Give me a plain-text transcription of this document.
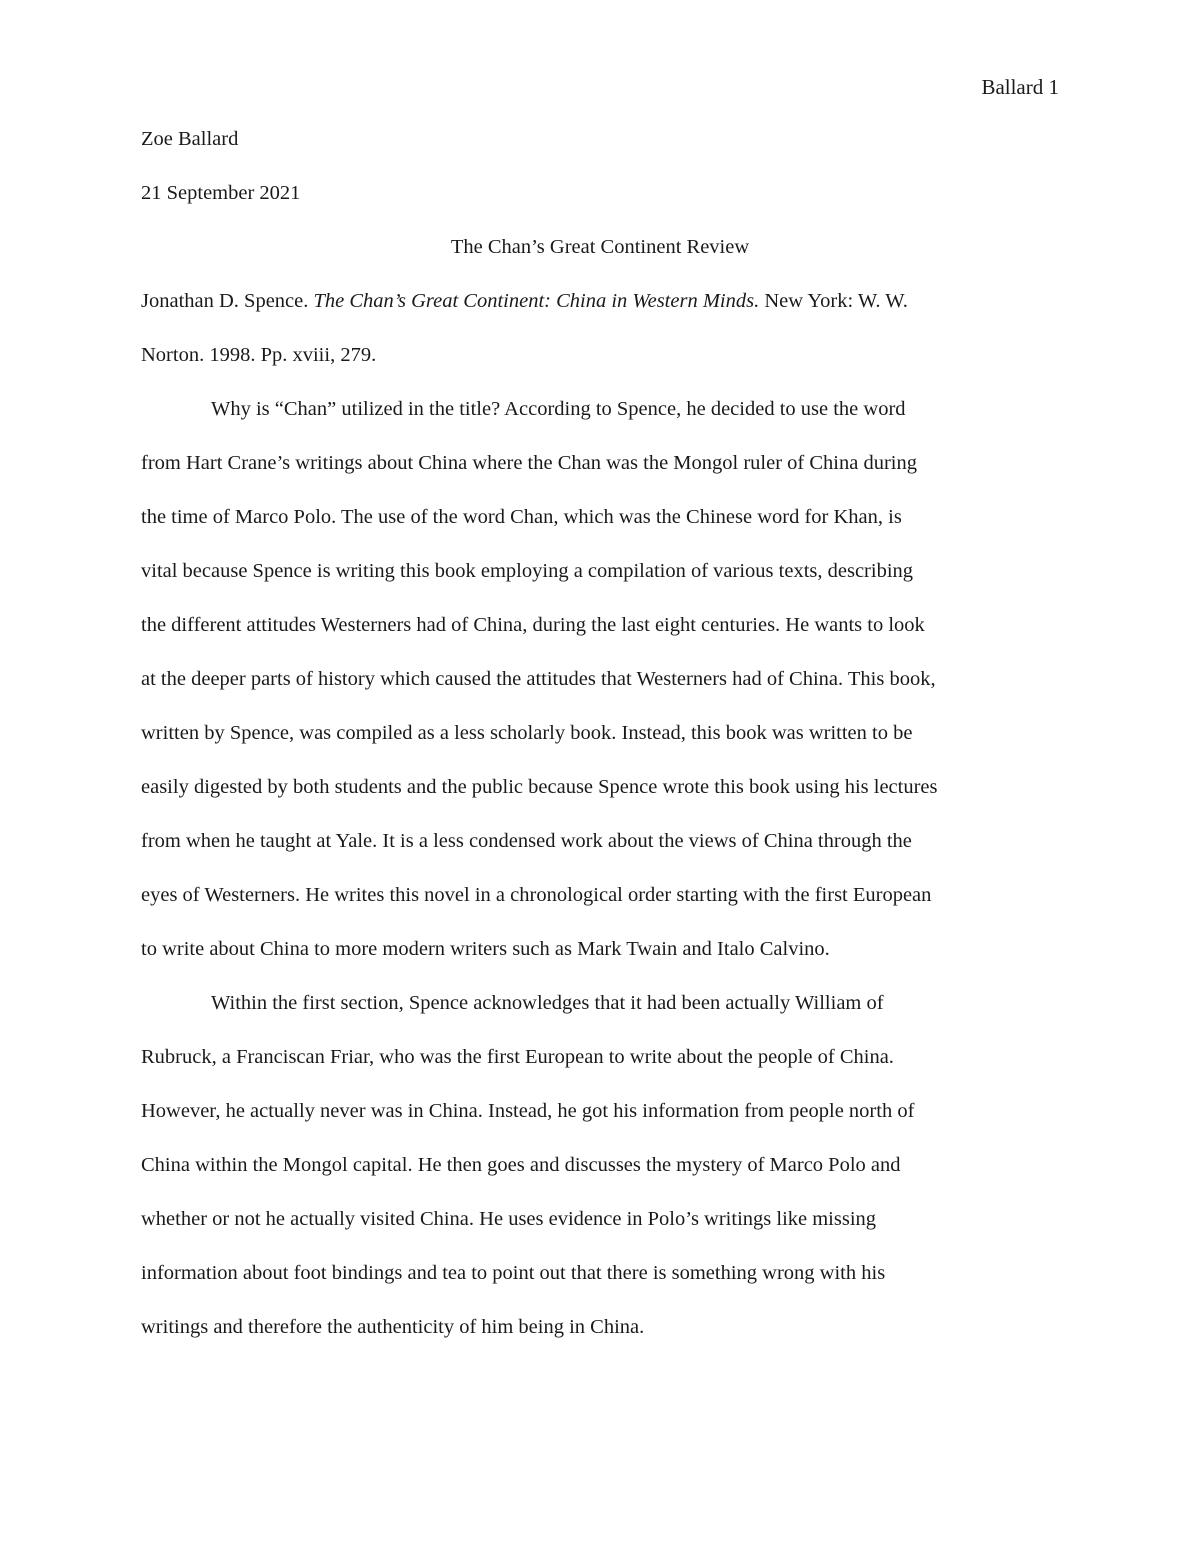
Ballard 1
Zoe Ballard
21 September 2021
The Chan’s Great Continent Review

Jonathan D. Spence. The Chan’s Great Continent: China in Western Minds. New York: W. W.
Norton. 1998. Pp. xviii, 279.

Why is “Chan” utilized in the title? According to Spence, he decided to use the word
from Hart Crane’s writings about China where the Chan was the Mongol ruler of China during
the time of Marco Polo. The use of the word Chan, which was the Chinese word for Khan, is
vital because Spence is writing this book employing a compilation of various texts, describing
the different attitudes Westerners had of China, during the last eight centuries. He wants to look
at the deeper parts of history which caused the attitudes that Westerners had of China. This book,
written by Spence, was compiled as a less scholarly book. Instead, this book was written to be
easily digested by both students and the public because Spence wrote this book using his lectures
from when he taught at Yale. It is a less condensed work about the views of China through the
eyes of Westerners. He writes this novel in a chronological order starting with the first European
to write about China to more modern writers such as Mark Twain and Italo Calvino.

Within the first section, Spence acknowledges that it had been actually William of
Rubruck, a Franciscan Friar, who was the first European to write about the people of China.
However, he actually never was in China. Instead, he got his information from people north of
China within the Mongol capital. He then goes and discusses the mystery of Marco Polo and
whether or not he actually visited China. He uses evidence in Polo’s writings like missing
information about foot bindings and tea to point out that there is something wrong with his
writings and therefore the authenticity of him being in China.
